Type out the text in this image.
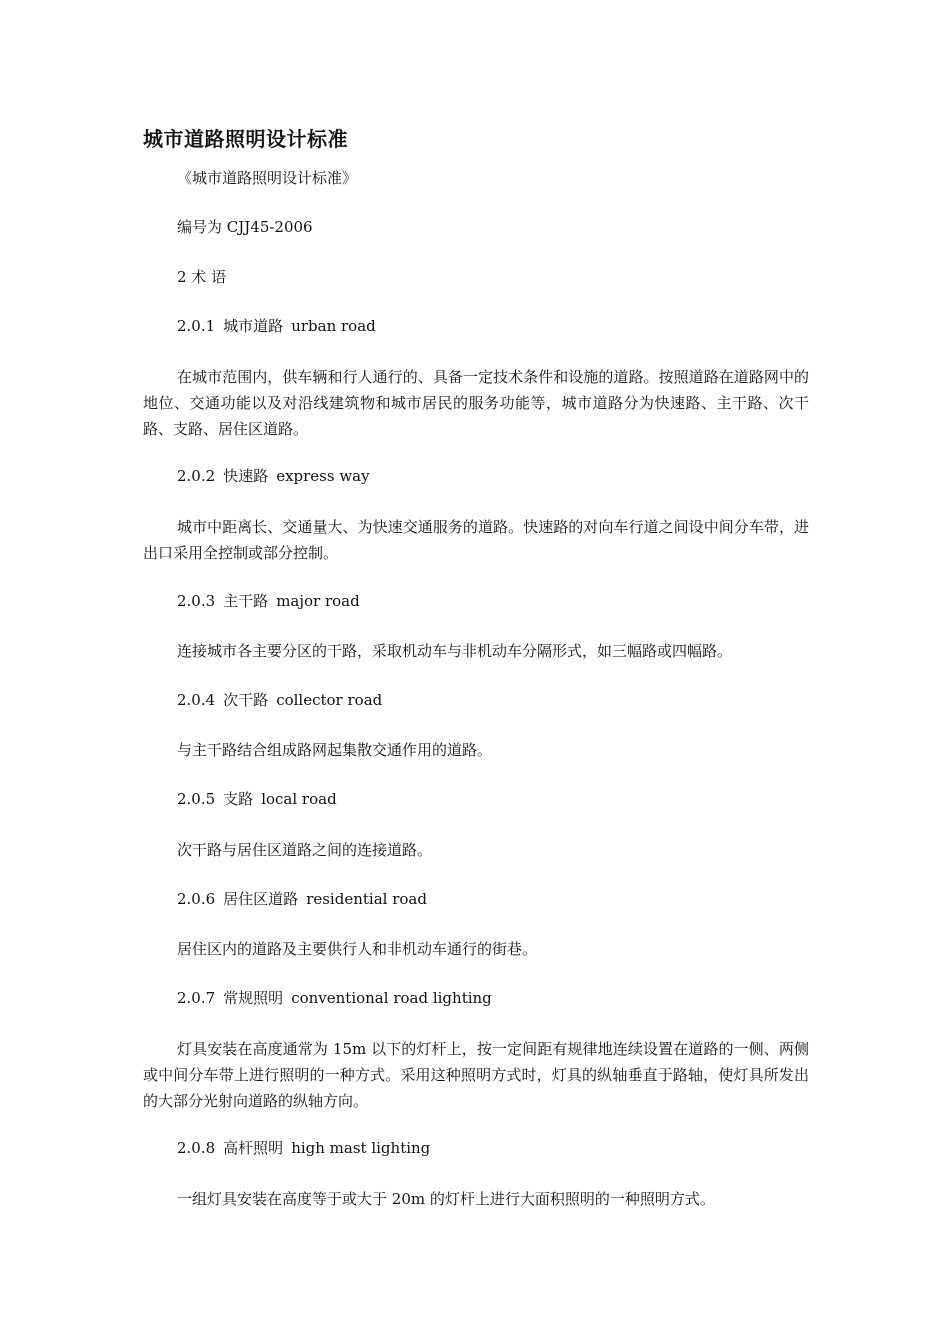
城市道路照明设计标准
《城市道路照明设计标准》
编号为 CJJ45-2006
2 术 语
2.0.1 城市道路 urban road
在城市范围内，供车辆和行人通行的、具备一定技术条件和设施的道路。按照道路在道路网中的地位、交通功能以及对沿线建筑物和城市居民的服务功能等，城市道路分为快速路、主干路、次干路、支路、居住区道路。
2.0.2 快速路 express way
城市中距离长、交通量大、为快速交通服务的道路。快速路的对向车行道之间设中间分车带，进出口采用全控制或部分控制。
2.0.3 主干路 major road
连接城市各主要分区的干路，采取机动车与非机动车分隔形式，如三幅路或四幅路。
2.0.4 次干路 collector road
与主干路结合组成路网起集散交通作用的道路。
2.0.5 支路 local road
次干路与居住区道路之间的连接道路。
2.0.6 居住区道路 residential road
居住区内的道路及主要供行人和非机动车通行的街巷。
2.0.7 常规照明 conventional road lighting
灯具安装在高度通常为 15m 以下的灯杆上，按一定间距有规律地连续设置在道路的一侧、两侧或中间分车带上进行照明的一种方式。采用这种照明方式时，灯具的纵轴垂直于路轴，使灯具所发出的大部分光射向道路的纵轴方向。
2.0.8 高杆照明 high mast lighting
一组灯具安装在高度等于或大于 20m 的灯杆上进行大面积照明的一种照明方式。
